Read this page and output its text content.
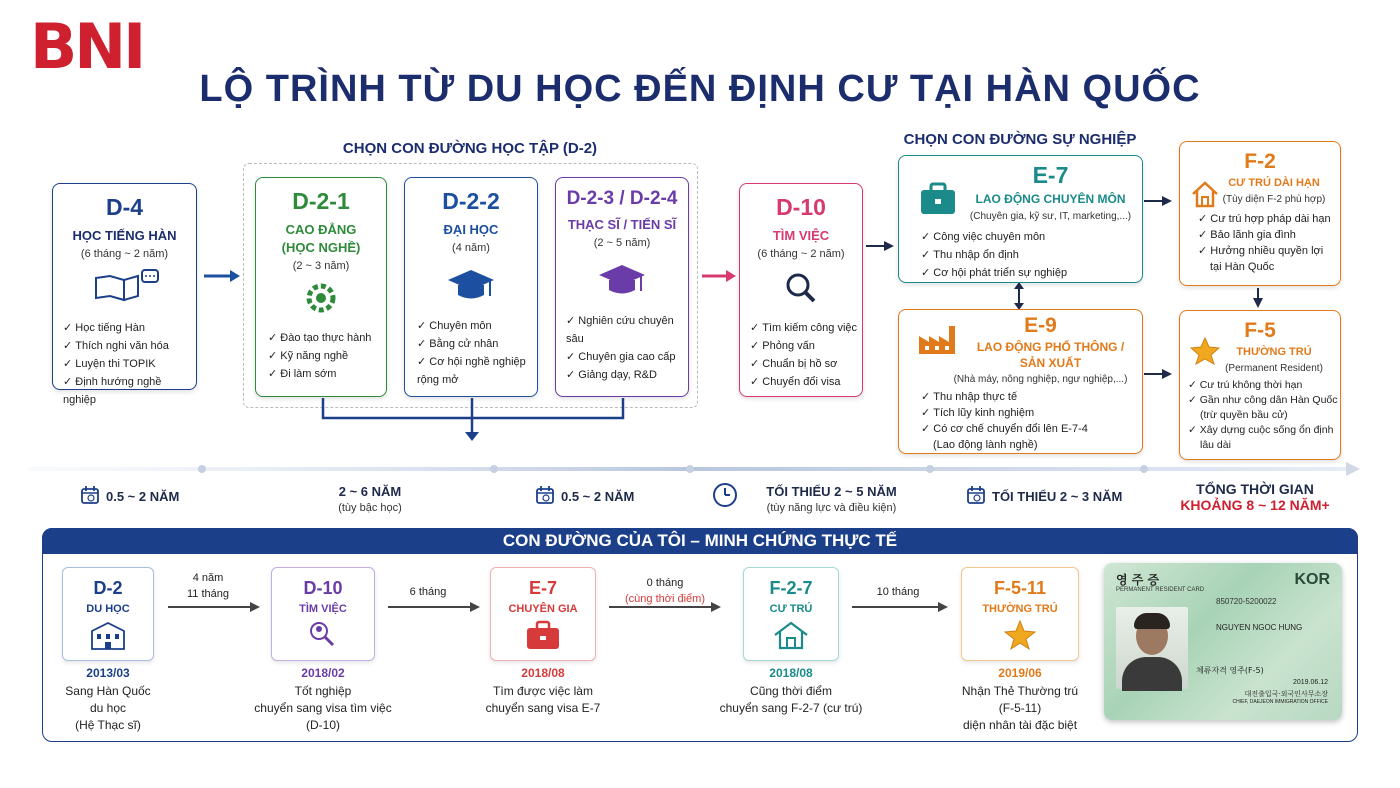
BNI
LỘ TRÌNH TỪ DU HỌC ĐẾN ĐỊNH CƯ TẠI HÀN QUỐC
CHỌN CON ĐƯỜNG HỌC TẬP (D-2)
D-4
HỌC TIẾNG HÀN
(6 tháng ~ 2 năm)
✓ Học tiếng Hàn
✓ Thích nghi văn hóa
✓ Luyện thi TOPIK
✓ Định hướng nghề nghiệp
D-2-1
CAO ĐẲNG
(HỌC NGHỀ)
(2 ~ 3 năm)
✓ Đào tạo thực hành
✓ Kỹ năng nghề
✓ Đi làm sớm
D-2-2
ĐẠI HỌC
(4 năm)
✓ Chuyên môn
✓ Bằng cử nhân
✓ Cơ hội nghề nghiệp rộng mở
D-2-3 / D-2-4
THẠC SĨ / TIẾN SĨ
(2 ~ 5 năm)
✓ Nghiên cứu chuyên sâu
✓ Chuyên gia cao cấp
✓ Giảng dạy, R&D
D-10
TÌM VIỆC
(6 tháng ~ 2 năm)
✓ Tìm kiếm công việc
✓ Phỏng vấn
✓ Chuẩn bị hồ sơ
✓ Chuyển đổi visa
CHỌN CON ĐƯỜNG SỰ NGHIỆP
E-7
LAO ĐỘNG CHUYÊN MÔN
(Chuyên gia, kỹ sư, IT, marketing,...)
✓ Công việc chuyên môn
✓ Thu nhập ổn định
✓ Cơ hội phát triển sự nghiệp
E-9
LAO ĐỘNG PHỔ THÔNG /
SẢN XUẤT
(Nhà máy, nông nghiệp, ngư nghiệp,...)
✓ Thu nhập thực tế
✓ Tích lũy kinh nghiệm
✓ Có cơ chế chuyển đổi lên E-7-4
(Lao động lành nghề)
F-2
CƯ TRÚ DÀI HẠN
(Tùy diện F-2 phù hợp)
✓ Cư trú hợp pháp dài hạn
✓ Bảo lãnh gia đình
✓ Hưởng nhiều quyền lợi
tại Hàn Quốc
F-5
THƯỜNG TRÚ
(Permanent Resident)
✓ Cư trú không thời hạn
✓ Gần như công dân Hàn Quốc
(trừ quyền bầu cử)
✓ Xây dựng cuộc sống ổn định
lâu dài
0.5 ~ 2 NĂM	2 ~ 6 NĂM
(tùy bậc học)
0.5 ~ 2 NĂM	TỐI THIỂU 2 ~ 5 NĂM
(tùy năng lực và điều kiện)
TỐI THIỂU 2 ~ 3 NĂM	TỔNG THỜI GIAN
KHOẢNG 8 ~ 12 NĂM+
CON ĐƯỜNG CỦA TÔI – MINH CHỨNG THỰC TẾ
D-2
DU HỌC
2013/03
Sang Hàn Quốc
du học
(Hệ Thạc sĩ)
4 năm
11 tháng	D-10
TÌM VIỆC
2018/02
Tốt nghiệp
chuyển sang visa tìm việc
(D-10)
6 tháng	E-7
CHUYÊN GIA
2018/08
Tìm được việc làm
chuyển sang visa E-7
0 tháng
(cùng thời điểm)
F-2-7
CƯ TRÚ
2018/08
Cũng thời điểm
chuyển sang F-2-7 (cư trú)
10 tháng	F-5-11
THƯỜNG TRÚ
2019/06
Nhận Thẻ Thường trú
(F-5-11)
diện nhân tài đặc biệt
영 주 증
PERMANENT RESIDENT CARD
KOR
850720-5200022
NGUYEN NGOC HUNG
체류자격 영주(F-5)
2019.06.12
대전출입국·외국인사무소장
CHIEF, DAEJEON IMMIGRATION OFFICE
